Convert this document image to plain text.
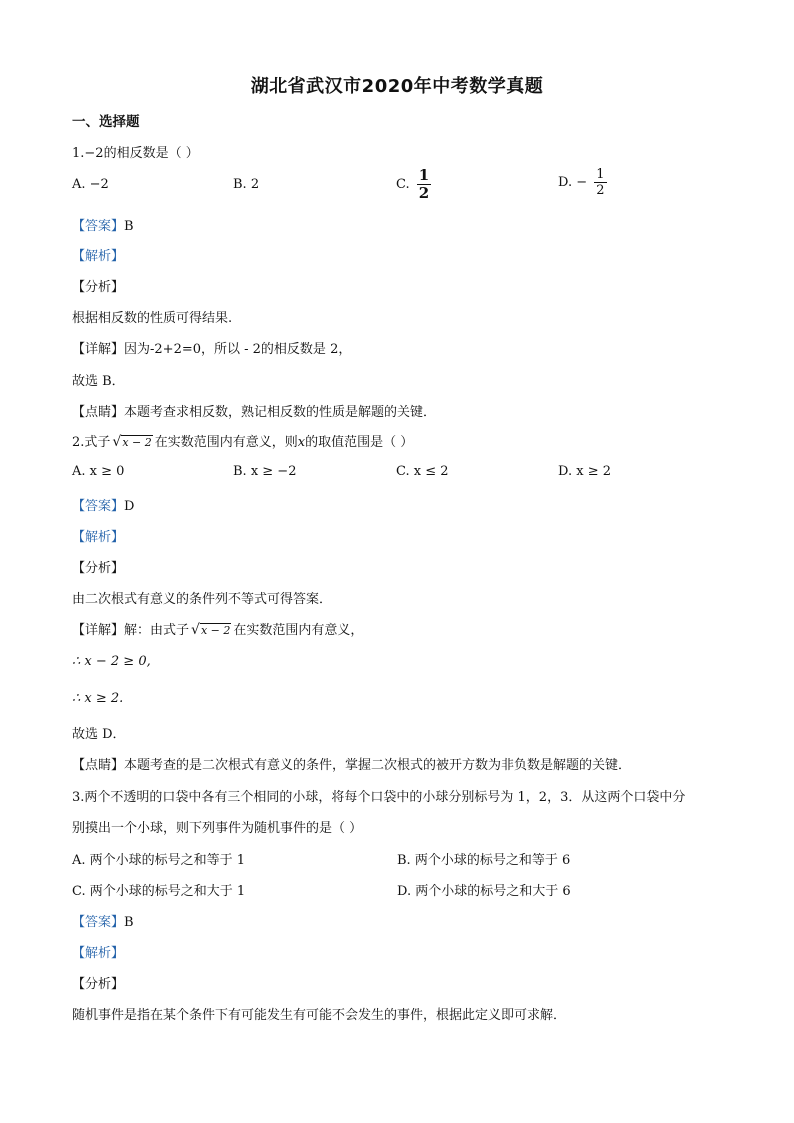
湖北省武汉市2020年中考数学真题
一、选择题
1.−2的相反数是（ ）
A. −2	B. 2	C. $\frac{1}{2}$	D. − $\frac{1}{2}$
【答案】B
【解析】
【分析】
根据相反数的性质可得结果.
【详解】因为-2+2=0，所以 - 2的相反数是 2，
故选 B．
【点睛】本题考查求相反数，熟记相反数的性质是解题的关键．
2.式子 √x − 2 在实数范围内有意义，则x的取值范围是（ ）
A. x ≥ 0	B. x ≥ −2	C. x ≤ 2	D. x ≥ 2
【答案】D
【解析】
【分析】
由二次根式有意义的条件列不等式可得答案．
【详解】解：由式子 √x − 2 在实数范围内有意义，
∴ x − 2 ≥ 0,
∴ x ≥ 2.
故选 D．
【点睛】本题考查的是二次根式有意义的条件，掌握二次根式的被开方数为非负数是解题的关键．
3.两个不透明的口袋中各有三个相同的小球，将每个口袋中的小球分别标号为 1，2，3．从这两个口袋中分
别摸出一个小球，则下列事件为随机事件的是（ ）
A. 两个小球的标号之和等于 1	B. 两个小球的标号之和等于 6
C. 两个小球的标号之和大于 1	D. 两个小球的标号之和大于 6
【答案】B
【解析】
【分析】
随机事件是指在某个条件下有可能发生有可能不会发生的事件，根据此定义即可求解．
